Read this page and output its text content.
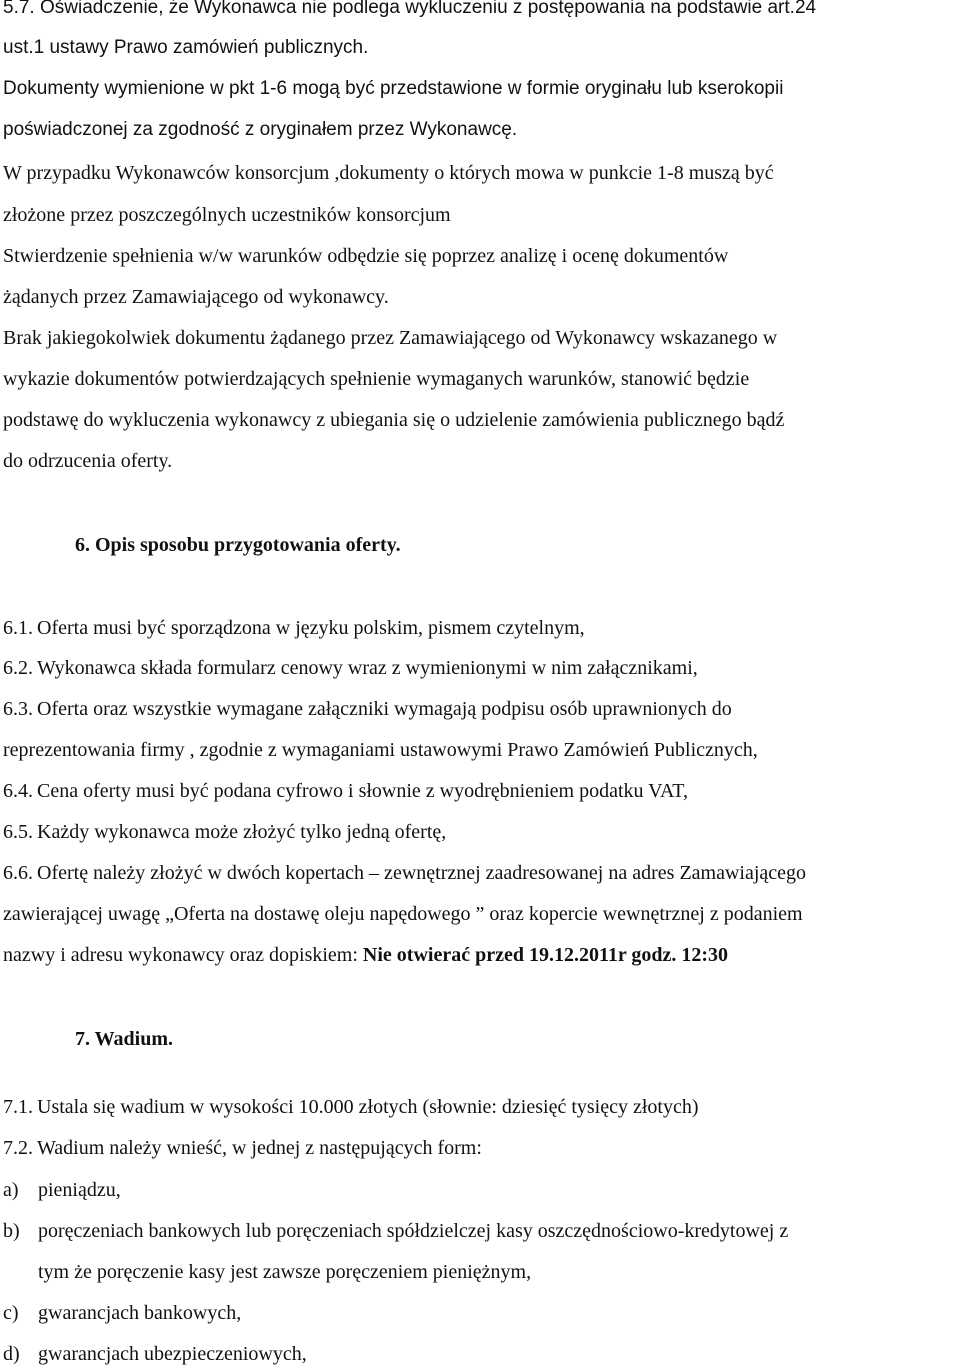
5.7. Oświadczenie, że Wykonawca nie podlega wykluczeniu z postępowania na podstawie art.24
ust.1 ustawy Prawo zamówień publicznych.
Dokumenty wymienione w pkt 1-6 mogą być przedstawione w formie oryginału lub kserokopii
poświadczonej za zgodność z oryginałem przez Wykonawcę.
W przypadku Wykonawców konsorcjum ,dokumenty o których mowa w punkcie 1-8 muszą być
złożone przez poszczególnych uczestników konsorcjum
Stwierdzenie spełnienia w/w warunków odbędzie się poprzez analizę i ocenę dokumentów
żądanych przez Zamawiającego od wykonawcy.
Brak jakiegokolwiek dokumentu żądanego przez Zamawiającego od Wykonawcy wskazanego w
wykazie dokumentów potwierdzających spełnienie wymaganych warunków, stanowić będzie
podstawę do wykluczenia wykonawcy z ubiegania się o udzielenie zamówienia publicznego bądź
do odrzucenia oferty.
6. Opis sposobu przygotowania oferty.
6.1. Oferta musi być sporządzona w języku polskim, pismem czytelnym,
6.2. Wykonawca składa formularz cenowy wraz z wymienionymi w nim załącznikami,
6.3. Oferta oraz wszystkie wymagane załączniki wymagają podpisu osób uprawnionych do
reprezentowania firmy , zgodnie z wymaganiami ustawowymi Prawo Zamówień Publicznych,
6.4. Cena oferty musi być podana cyfrowo i słownie z wyodrębnieniem podatku VAT,
6.5. Każdy wykonawca może złożyć tylko jedną ofertę,
6.6. Ofertę należy złożyć w dwóch kopertach – zewnętrznej zaadresowanej na adres Zamawiającego
zawierającej uwagę „Oferta na dostawę oleju napędowego ” oraz kopercie wewnętrznej z podaniem
nazwy i adresu wykonawcy oraz dopiskiem: Nie otwierać przed 19.12.2011r godz. 12:30
7. Wadium.
7.1. Ustala się wadium w wysokości 10.000 złotych (słownie: dziesięć tysięcy złotych)
7.2. Wadium należy wnieść, w jednej z następujących form:
a) pieniądzu,
b) poręczeniach bankowych lub poręczeniach spółdzielczej kasy oszczędnościowo-kredytowej z
tym że poręczenie kasy jest zawsze poręczeniem pieniężnym,
c) gwarancjach bankowych,
d) gwarancjach ubezpieczeniowych,
